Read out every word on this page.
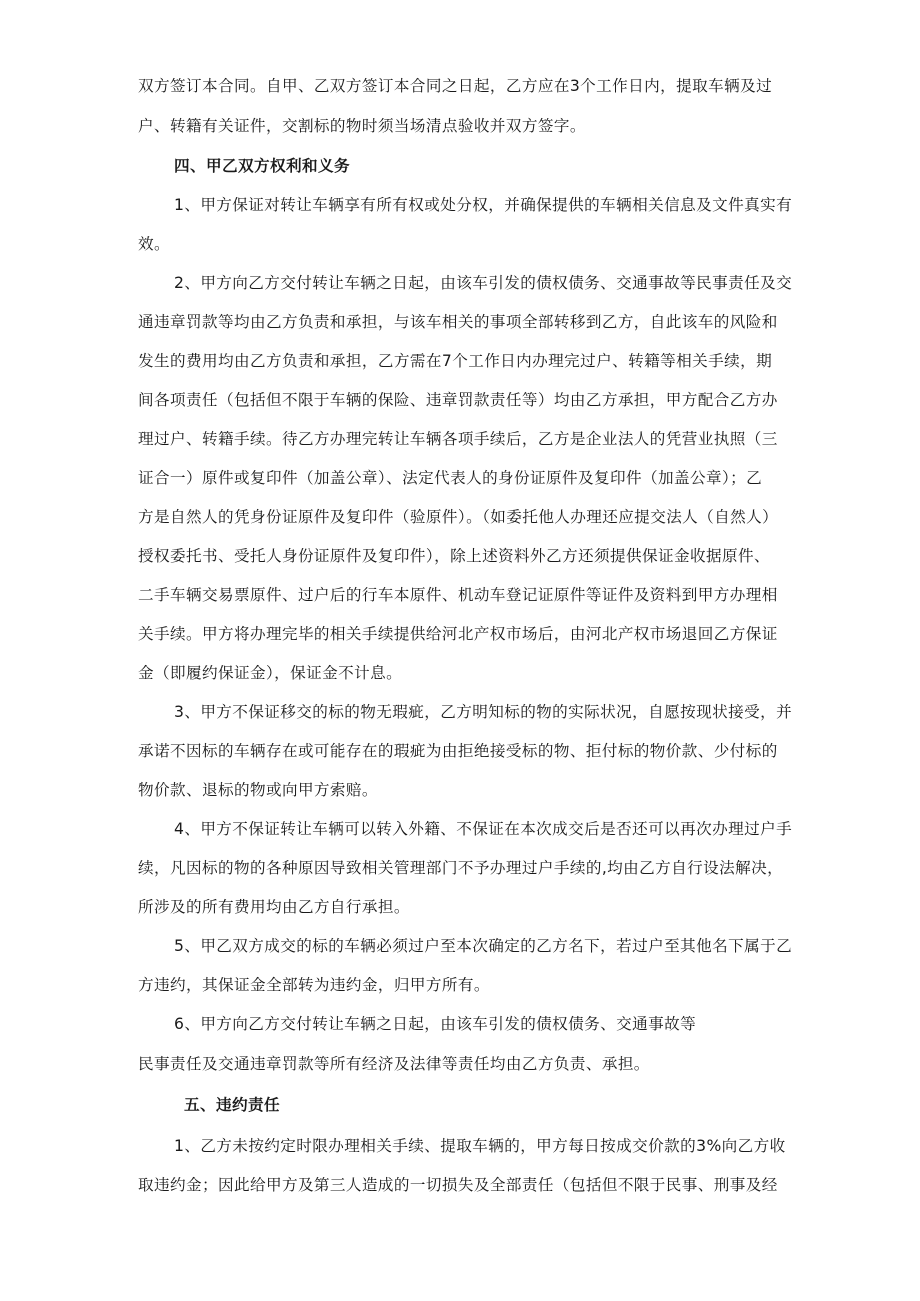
双方签订本合同。自甲、乙双方签订本合同之日起，乙方应在3个工作日内，提取车辆及过
户、转籍有关证件，交割标的物时须当场清点验收并双方签字。
四、甲乙双方权利和义务
1、甲方保证对转让车辆享有所有权或处分权，并确保提供的车辆相关信息及文件真实有
效。
2、甲方向乙方交付转让车辆之日起，由该车引发的债权债务、交通事故等民事责任及交
通违章罚款等均由乙方负责和承担，与该车相关的事项全部转移到乙方，自此该车的风险和
发生的费用均由乙方负责和承担，乙方需在7个工作日内办理完过户、转籍等相关手续，期
间各项责任（包括但不限于车辆的保险、违章罚款责任等）均由乙方承担，甲方配合乙方办
理过户、转籍手续。待乙方办理完转让车辆各项手续后，乙方是企业法人的凭营业执照（三
证合一）原件或复印件（加盖公章）、法定代表人的身份证原件及复印件（加盖公章）；乙
方是自然人的凭身份证原件及复印件（验原件）。（如委托他人办理还应提交法人（自然人）
授权委托书、受托人身份证原件及复印件），除上述资料外乙方还须提供保证金收据原件、
二手车辆交易票原件、过户后的行车本原件、机动车登记证原件等证件及资料到甲方办理相
关手续。甲方将办理完毕的相关手续提供给河北产权市场后，由河北产权市场退回乙方保证
金（即履约保证金），保证金不计息。
3、甲方不保证移交的标的物无瑕疵，乙方明知标的物的实际状况，自愿按现状接受，并
承诺不因标的车辆存在或可能存在的瑕疵为由拒绝接受标的物、拒付标的物价款、少付标的
物价款、退标的物或向甲方索赔。
4、甲方不保证转让车辆可以转入外籍、不保证在本次成交后是否还可以再次办理过户手
续，凡因标的物的各种原因导致相关管理部门不予办理过户手续的,均由乙方自行设法解决，
所涉及的所有费用均由乙方自行承担。
5、甲乙双方成交的标的车辆必须过户至本次确定的乙方名下，若过户至其他名下属于乙
方违约，其保证金全部转为违约金，归甲方所有。
6、甲方向乙方交付转让车辆之日起，由该车引发的债权债务、交通事故等
民事责任及交通违章罚款等所有经济及法律等责任均由乙方负责、承担。
五、违约责任
1、乙方未按约定时限办理相关手续、提取车辆的，甲方每日按成交价款的3%向乙方收
取违约金；因此给甲方及第三人造成的一切损失及全部责任（包括但不限于民事、刑事及经
